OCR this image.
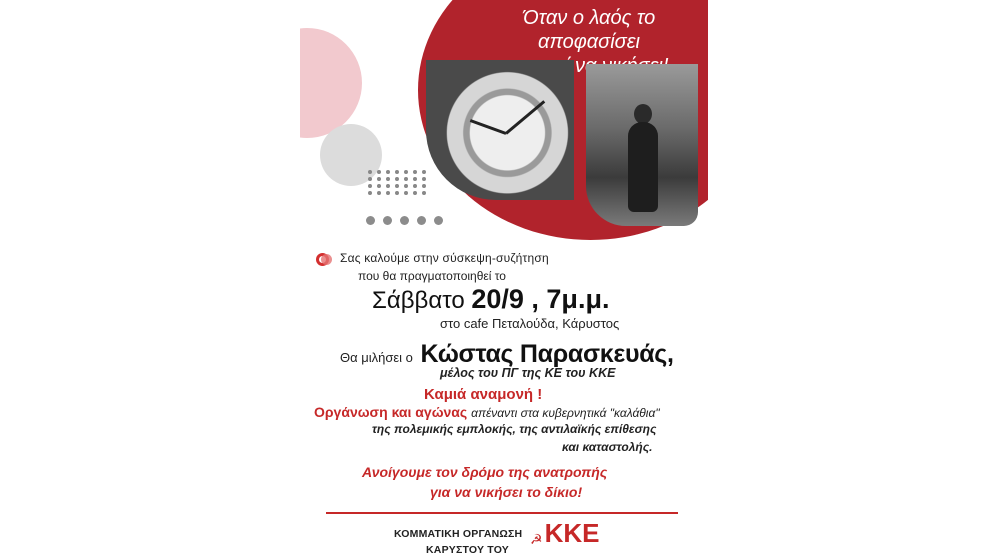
Όταν ο λαός το αποφασίσει
Σας καλούμε στην σύσκεψη-συζήτηση
που θα πραγματοποιηθεί το
Σάββατο 20/9 , 7μ.μ.
στο cafe Πεταλούδα, Κάρυστος
Θα μιλήσει ο Κώστας Παρασκευάς,
μέλος του ΠΓ της ΚΕ του ΚΚΕ
Καμιά αναμονή !
Οργάνωση και αγώνας απέναντι στα κυβερνητικά "καλάθια"
της πολεμικής εμπλοκής, της αντιλαϊκής επίθεσης
και καταστολής.
Ανοίγουμε τον δρόμο της ανατροπής
για να νικήσει το δίκιο!
ΚΟΜΜΑΤΙΚΗ ΟΡΓΑΝΩΣΗ
ΚΑΡΥΣΤΟΥ ΤΟΥ
☭ ΚΚΕ
